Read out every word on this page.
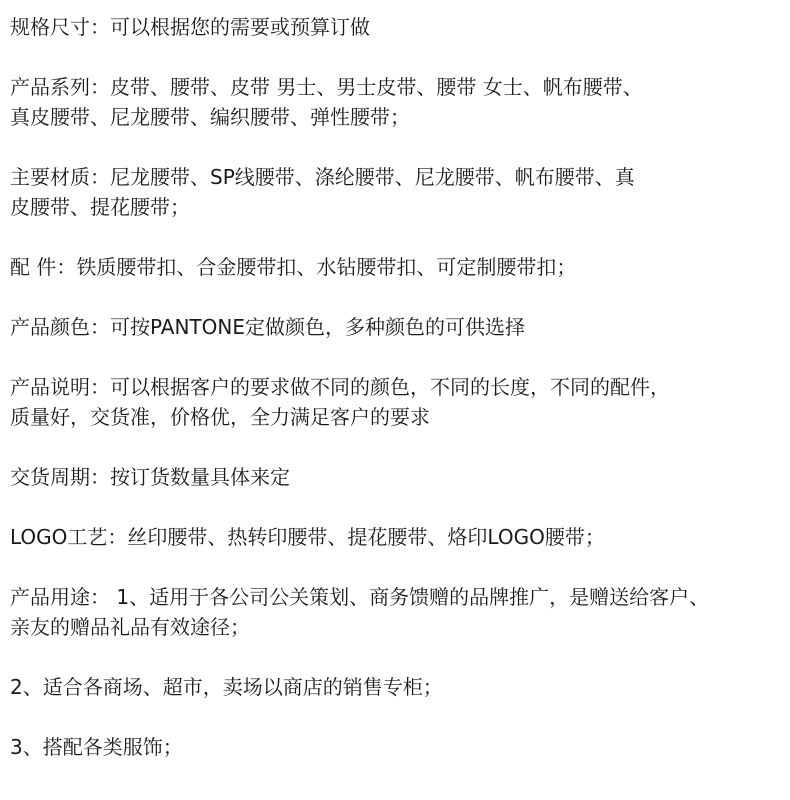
规格尺寸：可以根据您的需要或预算订做

产品系列：皮带、腰带、皮带 男士、男士皮带、腰带 女士、帆布腰带、
真皮腰带、尼龙腰带、编织腰带、弹性腰带；

主要材质：尼龙腰带、SP线腰带、涤纶腰带、尼龙腰带、帆布腰带、真
皮腰带、提花腰带；

配 件：铁质腰带扣、合金腰带扣、水钻腰带扣、可定制腰带扣；

产品颜色：可按PANTONE定做颜色，多种颜色的可供选择

产品说明：可以根据客户的要求做不同的颜色，不同的长度，不同的配件，
质量好，交货准，价格优，全力满足客户的要求

交货周期：按订货数量具体来定

LOGO工艺：丝印腰带、热转印腰带、提花腰带、烙印LOGO腰带；

产品用途： 1、适用于各公司公关策划、商务馈赠的品牌推广，是赠送给客户、
亲友的赠品礼品有效途径；

2、适合各商场、超市，卖场以商店的销售专柜；

3、搭配各类服饰；
